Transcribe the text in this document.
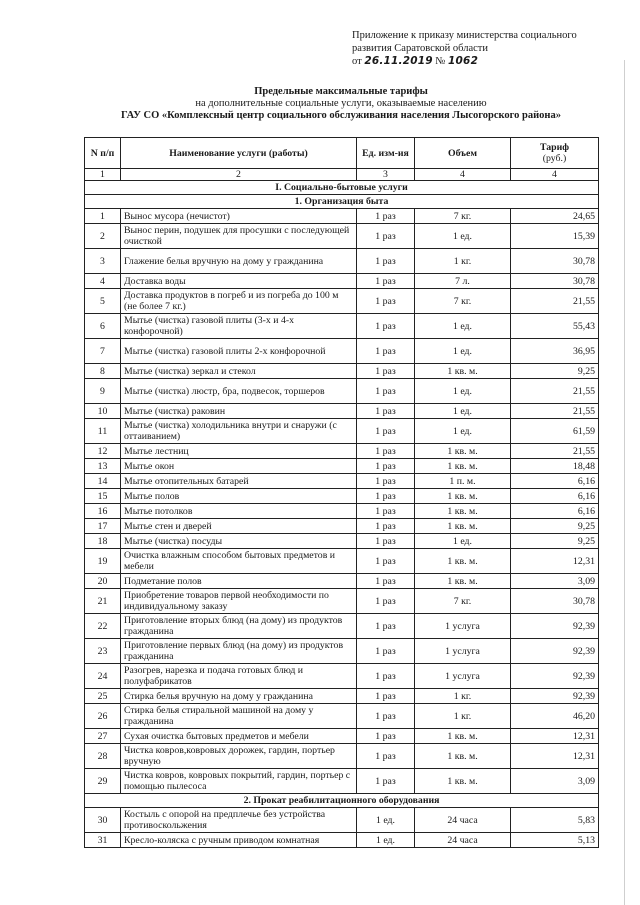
Приложение к приказу министерства социального
развития Саратовской области
от 26.11.2019 № 1062
Предельные максимальные тарифы
на дополнительные социальные услуги, оказываемые населению
ГАУ СО «Комплексный центр социального обслуживания населения Лысогорского района»
N п/п	Наименование услуги (работы)	Ед. изм-ия	Объем	Тариф
(руб.)
1	2	3	4	4
I. Социально-бытовые услуги				
1. Организация быта				
1	Вынос мусора (нечистот)	1 раз	7 кг.	24,65
2	Вынос перин, подушек для просушки с последующей очисткой	1 раз	1 ед.	15,39
3	Глажение белья вручную на дому у гражданина	1 раз	1 кг.	30,78
4	Доставка воды	1 раз	7 л.	30,78
5	Доставка продуктов в погреб и из погреба до 100 м (не более 7 кг.)	1 раз	7 кг.	21,55
6	Мытье (чистка) газовой плиты (3-х и 4-х конфорочной)	1 раз	1 ед.	55,43
7	Мытье (чистка) газовой плиты 2-х конфорочной	1 раз	1 ед.	36,95
8	Мытье (чистка) зеркал и стекол	1 раз	1 кв. м.	9,25
9	Мытье (чистка) люстр, бра, подвесок, торшеров	1 раз	1 ед.	21,55
10	Мытье (чистка) раковин	1 раз	1 ед.	21,55
11	Мытье (чистка) холодильника внутри и снаружи (с оттаиванием)	1 раз	1 ед.	61,59
12	Мытье лестниц	1 раз	1 кв. м.	21,55
13	Мытье окон	1 раз	1 кв. м.	18,48
14	Мытье отопительных батарей	1 раз	1 п. м.	6,16
15	Мытье полов	1 раз	1 кв. м.	6,16
16	Мытье потолков	1 раз	1 кв. м.	6,16
17	Мытье стен и дверей	1 раз	1 кв. м.	9,25
18	Мытье (чистка) посуды	1 раз	1 ед.	9,25
19	Очистка влажным способом бытовых предметов и мебели	1 раз	1 кв. м.	12,31
20	Подметание полов	1 раз	1 кв. м.	3,09
21	Приобретение товаров первой необходимости по индивидуальному заказу	1 раз	7 кг.	30,78
22	Приготовление вторых блюд (на дому) из продуктов гражданина	1 раз	1 услуга	92,39
23	Приготовление первых блюд (на дому) из продуктов гражданина	1 раз	1 услуга	92,39
24	Разогрев, нарезка и подача готовых блюд и полуфабрикатов	1 раз	1 услуга	92,39
25	Стирка белья вручную на дому у гражданина	1 раз	1 кг.	92,39
26	Стирка белья стиральной машиной на дому у гражданина	1 раз	1 кг.	46,20
27	Сухая очистка бытовых предметов и мебели	1 раз	1 кв. м.	12,31
28	Чистка ковров,ковровых дорожек, гардин, портьер вручную	1 раз	1 кв. м.	12,31
29	Чистка ковров, ковровых покрытий, гардин, портьер с помощью пылесоса	1 раз	1 кв. м.	3,09
2. Прокат реабилитационного оборудования				
30	Костыль с опорой на предплечье без устройства противоскольжения	1 ед.	24 часа	5,83
31	Кресло-коляска с ручным приводом комнатная	1 ед.	24 часа	5,13
